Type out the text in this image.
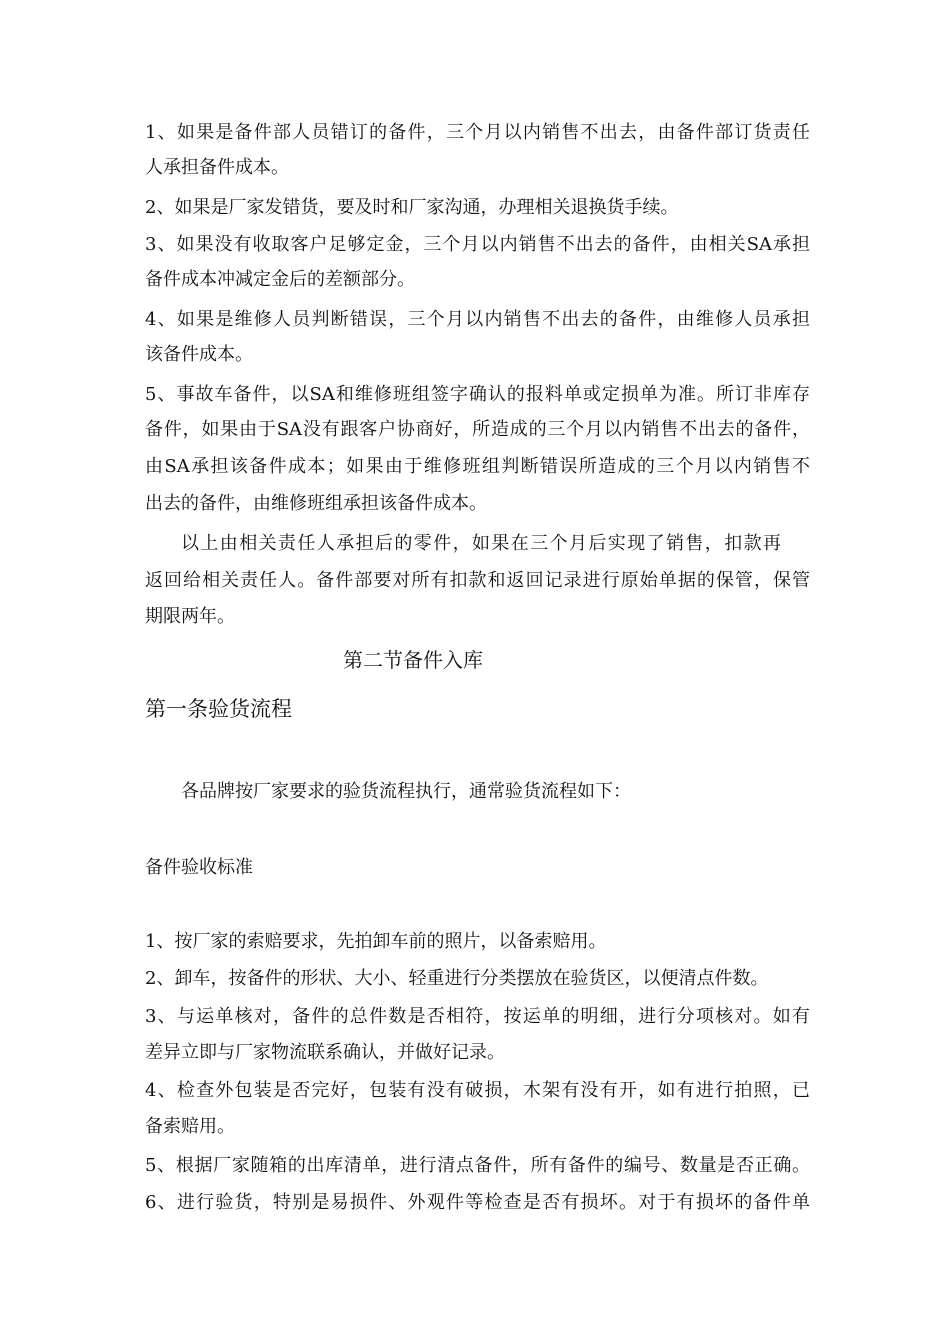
1、如果是备件部人员错订的备件，三个月以内销售不出去，由备件部订货责任
人承担备件成本。
2、如果是厂家发错货，要及时和厂家沟通，办理相关退换货手续。
3、如果没有收取客户足够定金，三个月以内销售不出去的备件，由相关SA承担
备件成本冲减定金后的差额部分。
4、如果是维修人员判断错误，三个月以内销售不出去的备件，由维修人员承担
该备件成本。
5、事故车备件，以SA和维修班组签字确认的报料单或定损单为准。所订非库存
备件，如果由于SA没有跟客户协商好，所造成的三个月以内销售不出去的备件，
由SA承担该备件成本；如果由于维修班组判断错误所造成的三个月以内销售不
出去的备件，由维修班组承担该备件成本。
以上由相关责任人承担后的零件，如果在三个月后实现了销售，扣款再
返回给相关责任人。备件部要对所有扣款和返回记录进行原始单据的保管，保管
期限两年。
第二节备件入库
第一条验货流程
各品牌按厂家要求的验货流程执行，通常验货流程如下：
备件验收标准
1、按厂家的索赔要求，先拍卸车前的照片，以备索赔用。
2、卸车，按备件的形状、大小、轻重进行分类摆放在验货区，以便清点件数。
3、与运单核对，备件的总件数是否相符，按运单的明细，进行分项核对。如有
差异立即与厂家物流联系确认，并做好记录。
4、检查外包装是否完好，包装有没有破损，木架有没有开，如有进行拍照，已
备索赔用。
5、根据厂家随箱的出库清单，进行清点备件，所有备件的编号、数量是否正确。
6、进行验货，特别是易损件、外观件等检查是否有损坏。对于有损坏的备件单
